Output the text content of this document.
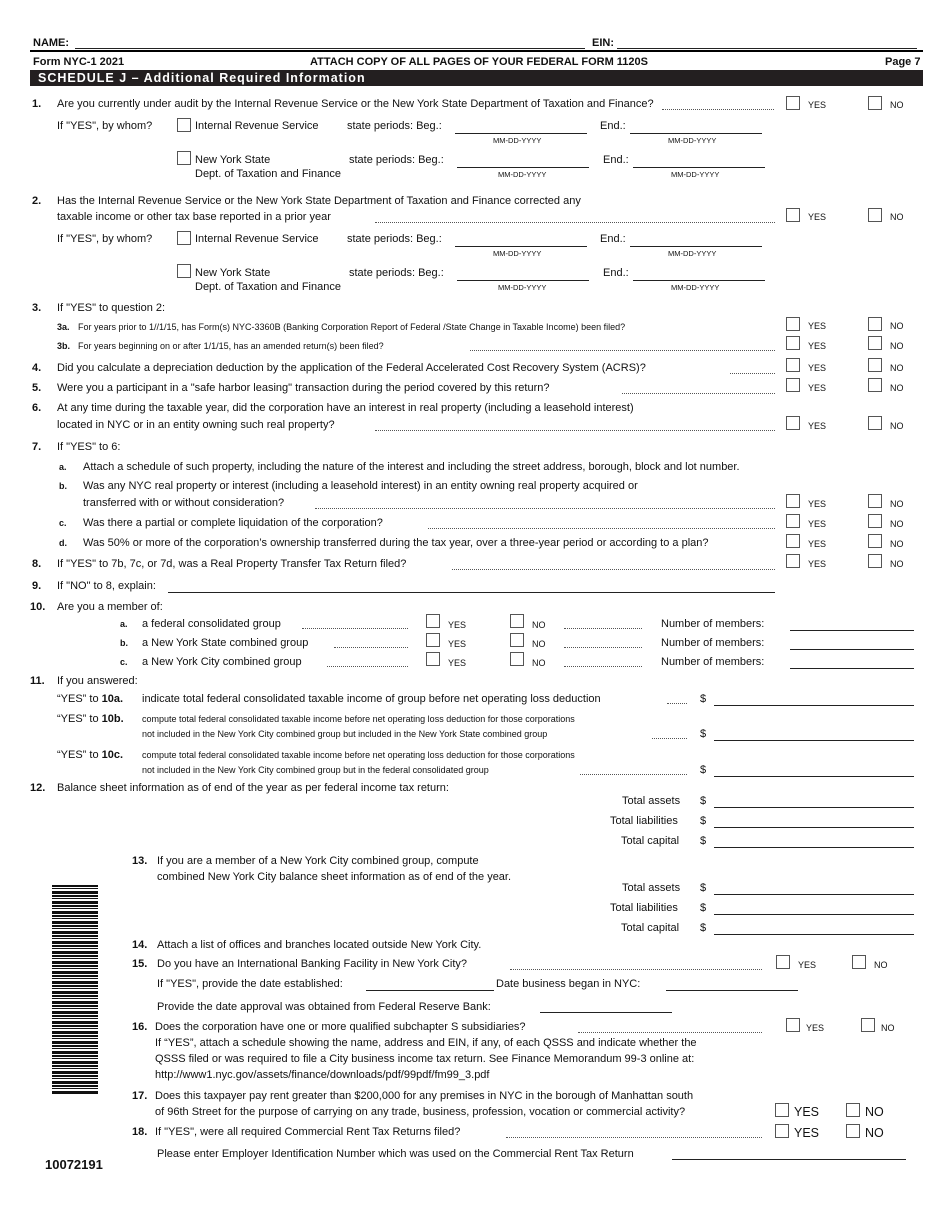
NAME:	EIN:
Form NYC-1 2021	ATTACH COPY OF ALL PAGES OF YOUR FEDERAL FORM 1120S	Page 7
SCHEDULE J – Additional Required Information
1. Are you currently under audit by the Internal Revenue Service or the New York State Department of Taxation and Finance?	YES	NO
If "YES", by whom?	Internal Revenue Service	state periods: Beg.:
MM-DD-YYYY
End.:
MM-DD-YYYY
New York State
Dept. of Taxation and Finance
state periods: Beg.:
MM-DD-YYYY
End.:
MM-DD-YYYY
2. Has the Internal Revenue Service or the New York State Department of Taxation and Finance corrected any
taxable income or other tax base reported in a prior year	YES	NO
If "YES", by whom?	Internal Revenue Service	state periods: Beg.:
MM-DD-YYYY
End.:
MM-DD-YYYY
New York State
Dept. of Taxation and Finance
state periods: Beg.:
MM-DD-YYYY
End.:
MM-DD-YYYY
3. If "YES" to question 2:
3a. For years prior to 1//1/15, has Form(s) NYC-3360B (Banking Corporation Report of Federal /State Change in Taxable Income) been filed?	YES	NO
3b. For years beginning on or after 1/1/15, has an amended return(s) been filed?	YES	NO
4. Did you calculate a depreciation deduction by the application of the Federal Accelerated Cost Recovery System (ACRS)?	YES	NO
5. Were you a participant in a "safe harbor leasing" transaction during the period covered by this return?	YES	NO
6. At any time during the taxable year, did the corporation have an interest in real property (including a leasehold interest)
located in NYC or in an entity owning such real property?	YES	NO
7. If "YES" to 6:
a. Attach a schedule of such property, including the nature of the interest and including the street address, borough, block and lot number.
b. Was any NYC real property or interest (including a leasehold interest) in an entity owning real property acquired or
transferred with or without consideration?	YES	NO
c. Was there a partial or complete liquidation of the corporation?	YES	NO
d. Was 50% or more of the corporation’s ownership transferred during the tax year, over a three-year period or according to a plan?	YES	NO
8. If "YES" to 7b, 7c, or 7d, was a Real Property Transfer Tax Return filed?	YES	NO
9. If "NO" to 8, explain:
10. Are you a member of:
a. a federal consolidated group	YES	NO	Number of members:
b. a New York State combined group	YES	NO	Number of members:
c. a New York City combined group	YES	NO	Number of members:
11. If you answered:
“YES” to 10a. indicate total federal consolidated taxable income of group before net operating loss deduction	$
“YES” to 10b. compute total federal consolidated taxable income before net operating loss deduction for those corporations
not included in the New York City combined group but included in the New York State combined group	$
“YES” to 10c. compute total federal consolidated taxable income before net operating loss deduction for those corporations
not included in the New York City combined group but in the federal consolidated group	$
12. Balance sheet information as of end of the year as per federal income tax return:
Total assets $
Total liabilities $
Total capital $
13. If you are a member of a New York City combined group, compute
combined New York City balance sheet information as of end of the year.
Total assets $
Total liabilities $
Total capital $
14. Attach a list of offices and branches located outside New York City.
15. Do you have an International Banking Facility in New York City?	YES	NO
If "YES", provide the date established:	Date business began in NYC:
Provide the date approval was obtained from Federal Reserve Bank:
16. Does the corporation have one or more qualified subchapter S subsidiaries?	YES	NO
If “YES”, attach a schedule showing the name, address and EIN, if any, of each QSSS and indicate whether the
QSSS filed or was required to file a City business income tax return. See Finance Memorandum 99-3 online at:
http://www1.nyc.gov/assets/finance/downloads/pdf/99pdf/fm99_3.pdf
17. Does this taxpayer pay rent greater than $200,000 for any premises in NYC in the borough of Manhattan south
of 96th Street for the purpose of carrying on any trade, business, profession, vocation or commercial activity?	YES	NO
18. If "YES", were all required Commercial Rent Tax Returns filed?	YES	NO
Please enter Employer Identification Number which was used on the Commercial Rent Tax Return
10072191
